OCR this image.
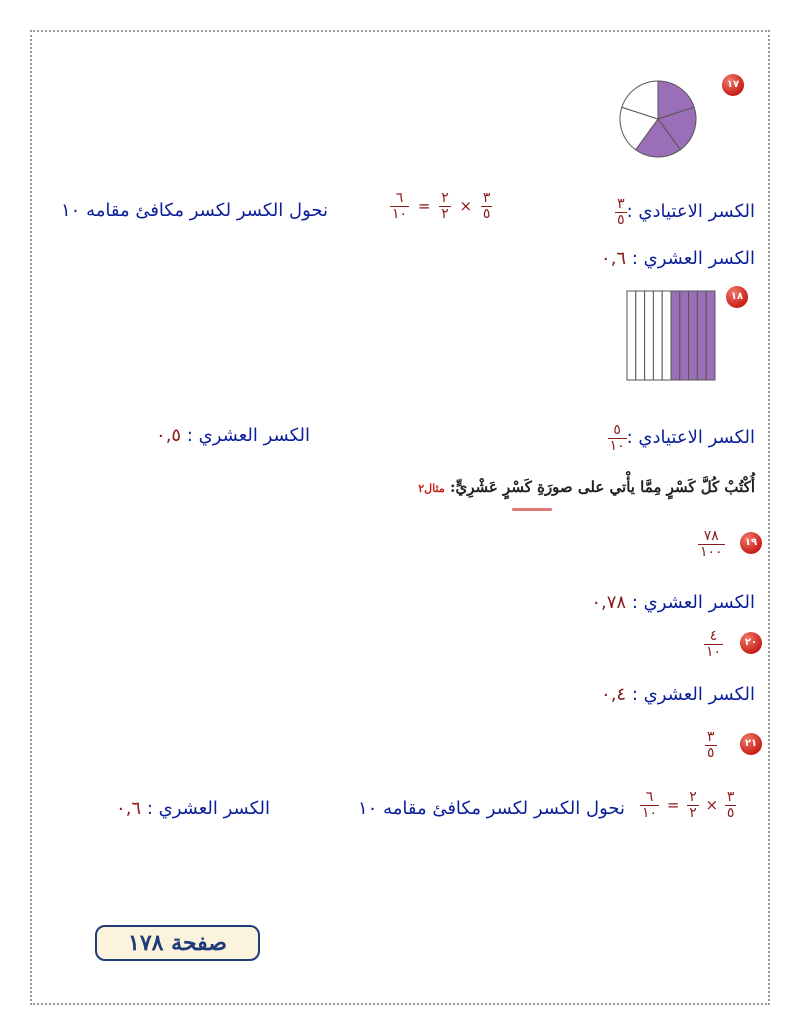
١٧
الكسر الاعتيادي :
$\frac{٣}{٥}$
$\frac{٦}{١٠} = \frac{٢}{٢} \times \frac{٣}{٥}$
نحول الكسر لكسر مكافئ مقامه ١٠
الكسر العشري : ٠,٦
١٨
الكسر الاعتيادي :
$\frac{٥}{١٠}$
الكسر العشري : ٠,٥
أُكْتُبْ كُلَّ كَسْرٍ مِمَّا يأْتي على صورَةِ كَسْرٍ عَشْرِيٍّ: مثال٢
١٩
$\frac{٧٨}{١٠٠}$
الكسر العشري : ٠,٧٨
٢٠
$\frac{٤}{١٠}$
الكسر العشري : ٠,٤
٢١
$\frac{٣}{٥}$
$\frac{٦}{١٠} = \frac{٢}{٢} \times \frac{٣}{٥}$
نحول الكسر لكسر مكافئ مقامه ١٠
الكسر العشري : ٠,٦
صفحة ١٧٨
